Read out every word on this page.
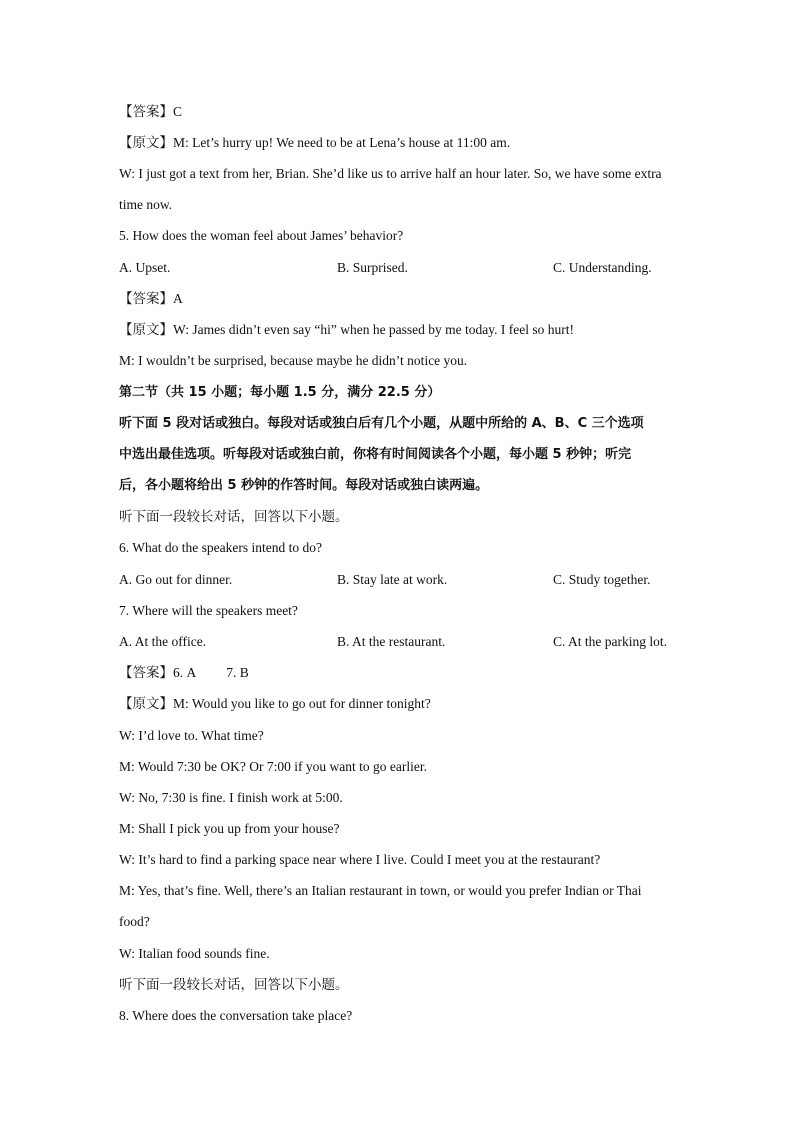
【答案】C
【原文】M: Let’s hurry up! We need to be at Lena’s house at 11:00 am.
W: I just got a text from her, Brian. She’d like us to arrive half an hour later. So, we have some extra
time now.
5. How does the woman feel about James’ behavior?
A. Upset.	B. Surprised.	C. Understanding.
【答案】A
【原文】W: James didn’t even say “hi” when he passed by me today. I feel so hurt!
M: I wouldn’t be surprised, because maybe he didn’t notice you.
第二节（共 15 小题；每小题 1.5 分，满分 22.5 分）
听下面 5 段对话或独白。每段对话或独白后有几个小题，从题中所给的 A、B、C 三个选项
中选出最佳选项。听每段对话或独白前，你将有时间阅读各个小题，每小题 5 秒钟；听完
后，各小题将给出 5 秒钟的作答时间。每段对话或独白读两遍。
听下面一段较长对话，回答以下小题。
6. What do the speakers intend to do?
A. Go out for dinner.	B. Stay late at work.	C. Study together.
7. Where will the speakers meet?
A. At the office.	B. At the restaurant.	C. At the parking lot.
【答案】6. A 7. B
【原文】M: Would you like to go out for dinner tonight?
W: I’d love to. What time?
M: Would 7:30 be OK? Or 7:00 if you want to go earlier.
W: No, 7:30 is fine. I finish work at 5:00.
M: Shall I pick you up from your house?
W: It’s hard to find a parking space near where I live. Could I meet you at the restaurant?
M: Yes, that’s fine. Well, there’s an Italian restaurant in town, or would you prefer Indian or Thai
food?
W: Italian food sounds fine.
听下面一段较长对话，回答以下小题。
8. Where does the conversation take place?
